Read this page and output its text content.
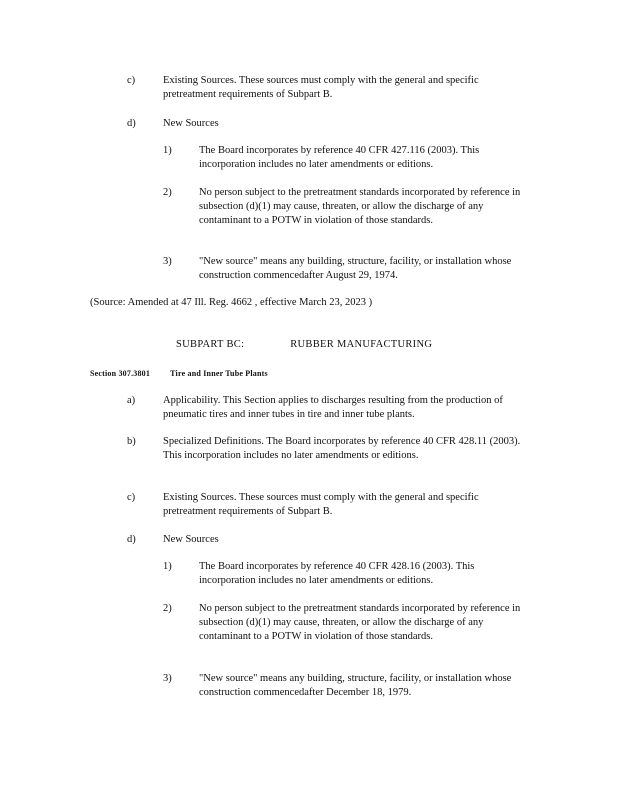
c)	Existing Sources. These sources must comply with the general and specific pretreatment requirements of Subpart B.
d)	New Sources
1)	The Board incorporates by reference 40 CFR 427.116 (2003). This incorporation includes no later amendments or editions.
2)	No person subject to the pretreatment standards incorporated by reference in subsection (d)(1) may cause, threaten, or allow the discharge of any contaminant to a POTW in violation of those standards.
3)	"New source" means any building, structure, facility, or installation whose construction commencedafter August 29, 1974.
(Source: Amended at 47 Ill. Reg. 4662 , effective March 23, 2023 )
SUBPART BC:	RUBBER MANUFACTURING
Section 307.3801	Tire and Inner Tube Plants
a)	Applicability. This Section applies to discharges resulting from the production of pneumatic tires and inner tubes in tire and inner tube plants.
b)	Specialized Definitions. The Board incorporates by reference 40 CFR 428.11 (2003). This incorporation includes no later amendments or editions.
c)	Existing Sources. These sources must comply with the general and specific pretreatment requirements of Subpart B.
d)	New Sources
1)	The Board incorporates by reference 40 CFR 428.16 (2003). This incorporation includes no later amendments or editions.
2)	No person subject to the pretreatment standards incorporated by reference in subsection (d)(1) may cause, threaten, or allow the discharge of any contaminant to a POTW in violation of those standards.
3)	"New source" means any building, structure, facility, or installation whose construction commencedafter December 18, 1979.
